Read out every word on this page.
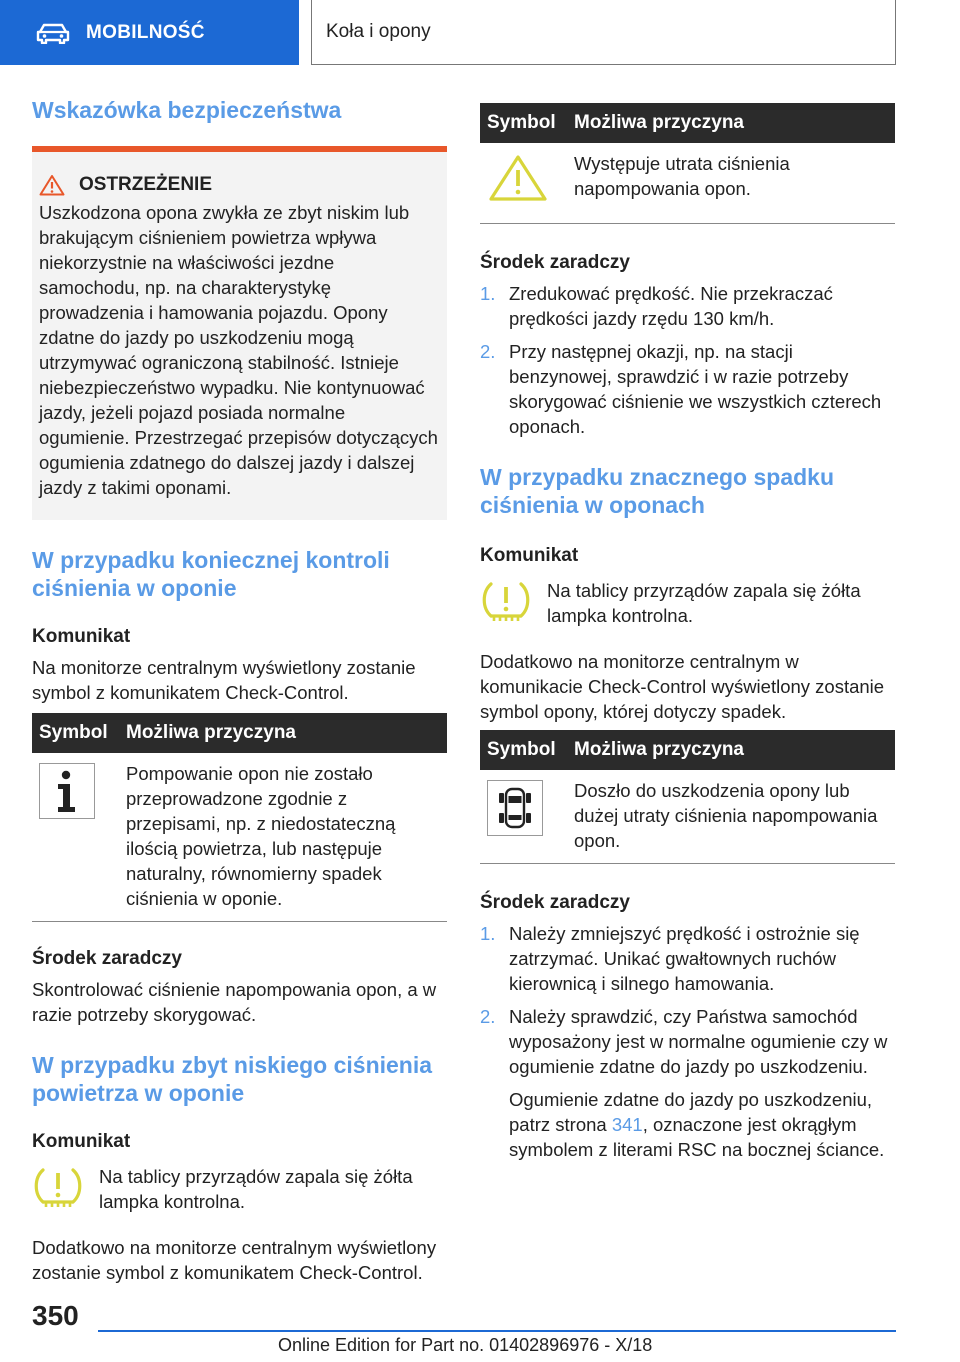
MOBILNOŚĆ	Koła i opony
Wskazówka bezpieczeństwa
OSTRZEŻENIE
Uszkodzona opona zwykła ze zbyt niskim lub brakującym ciśnieniem powietrza wpływa niekorzystnie na właściwości jezdne samochodu, np. na charakterystykę prowadzenia i hamowania pojazdu. Opony zdatne do jazdy po uszkodzeniu mogą utrzymywać ograniczoną stabilność. Istnieje niebezpieczeństwo wypadku. Nie kontynuować jazdy, jeżeli pojazd posiada normalne ogumienie. Przestrzegać przepisów dotyczących ogumienia zdatnego do dalszej jazdy i dalszej jazdy z takimi oponami.
W przypadku koniecznej kontroli ciśnienia w oponie
Komunikat
Na monitorze centralnym wyświetlony zostanie symbol z komunikatem Check-Control.
Symbol	Możliwa przyczyna
	Pompowanie opon nie zostało przeprowadzone zgodnie z przepisami, np. z niedostateczną ilością powietrza, lub następuje naturalny, równomierny spadek ciśnienia w oponie.
Środek zaradczy
Skontrolować ciśnienie napompowania opon, a w razie potrzeby skorygować.
W przypadku zbyt niskiego ciśnienia powietrza w oponie
Komunikat
Na tablicy przyrządów zapala się żółta lampka kontrolna.
Dodatkowo na monitorze centralnym wyświetlony zostanie symbol z komunikatem Check-Control.
Symbol	Możliwa przyczyna
	Występuje utrata ciśnienia napompowania opon.
Środek zaradczy
1. Zredukować prędkość. Nie przekraczać prędkości jazdy rzędu 130 km/h.
2. Przy następnej okazji, np. na stacji benzynowej, sprawdzić i w razie potrzeby skorygować ciśnienie we wszystkich czterech oponach.
W przypadku znacznego spadku ciśnienia w oponach
Komunikat
Na tablicy przyrządów zapala się żółta lampka kontrolna.
Dodatkowo na monitorze centralnym w komunikacie Check-Control wyświetlony zostanie symbol opony, której dotyczy spadek.
Symbol	Możliwa przyczyna
	Doszło do uszkodzenia opony lub dużej utraty ciśnienia napompowania opon.
Środek zaradczy
1. Należy zmniejszyć prędkość i ostrożnie się zatrzymać. Unikać gwałtownych ruchów kierownicą i silnego hamowania.
2. Należy sprawdzić, czy Państwa samochód wyposażony jest w normalne ogumienie czy w ogumienie zdatne do jazdy po uszkodzeniu.

Ogumienie zdatne do jazdy po uszkodzeniu, patrz strona 341, oznaczone jest okrągłym symbolem z literami RSC na bocznej ściance.

350
Online Edition for Part no. 01402896976 - X/18
